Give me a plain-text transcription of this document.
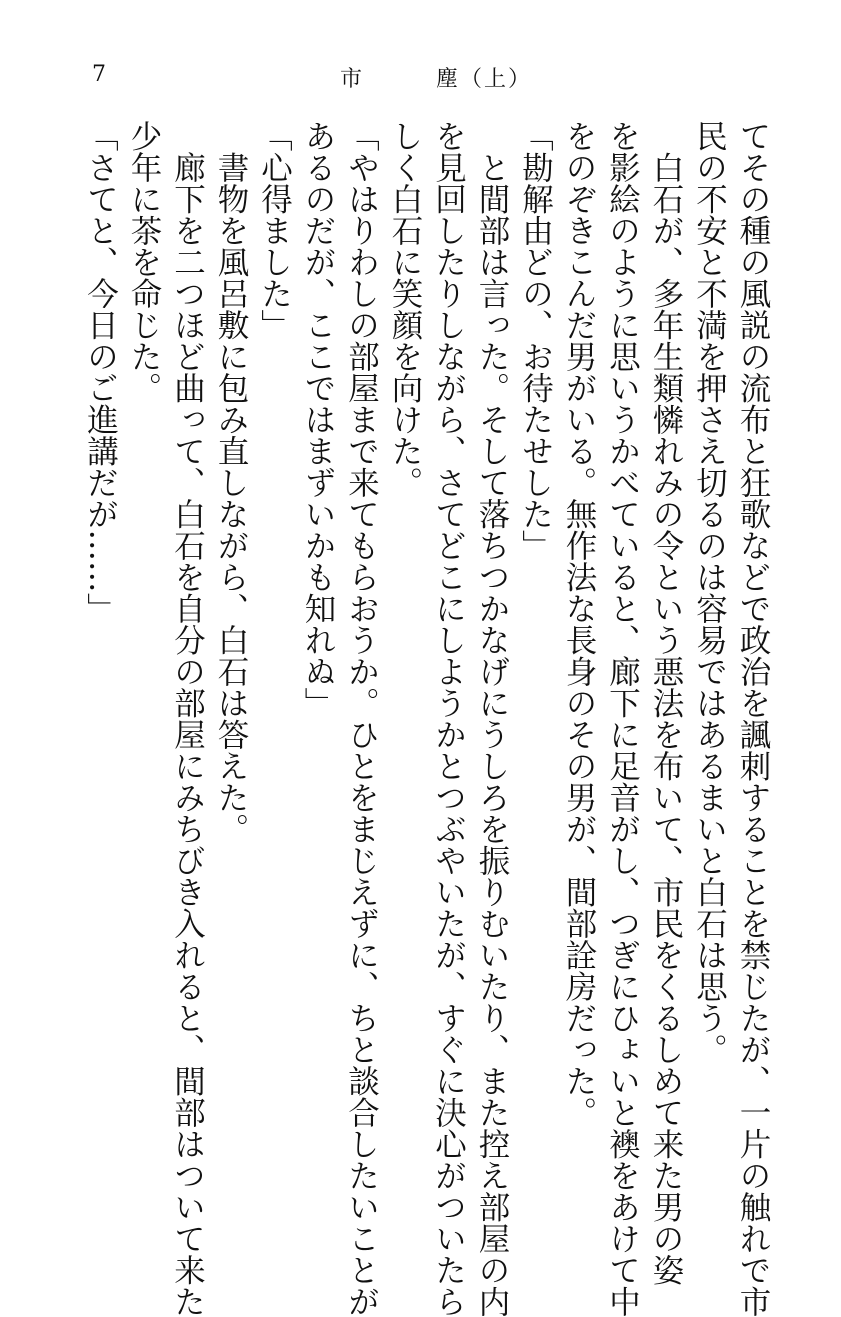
7	市　　　塵（上）
てその種の風説の流布と狂歌などで政治を諷刺することを禁じたが、一片の触れで市
民の不安と不満を押さえ切るのは容易ではあるまいと白石は思う。
　白石が、多年生類憐れみの令という悪法を布いて、市民をくるしめて来た男の姿
を影絵のように思いうかべていると、廊下に足音がし、つぎにひょいと襖をあけて中
をのぞきこんだ男がいる。無作法な長身のその男が、間部詮房だった。
「勘解由どの、お待たせした」
　と間部は言った。そして落ちつかなげにうしろを振りむいたり、また控え部屋の内
を見回したりしながら、さてどこにしようかとつぶやいたが、すぐに決心がついたら
しく白石に笑顔を向けた。
「やはりわしの部屋まで来てもらおうか。ひとをまじえずに、ちと談合したいことが
あるのだが、ここではまずいかも知れぬ」
「心得ました」
　書物を風呂敷に包み直しながら、白石は答えた。
　廊下を二つほど曲って、白石を自分の部屋にみちびき入れると、間部はついて来た
少年に茶を命じた。
「さてと、今日のご進講だが……」
